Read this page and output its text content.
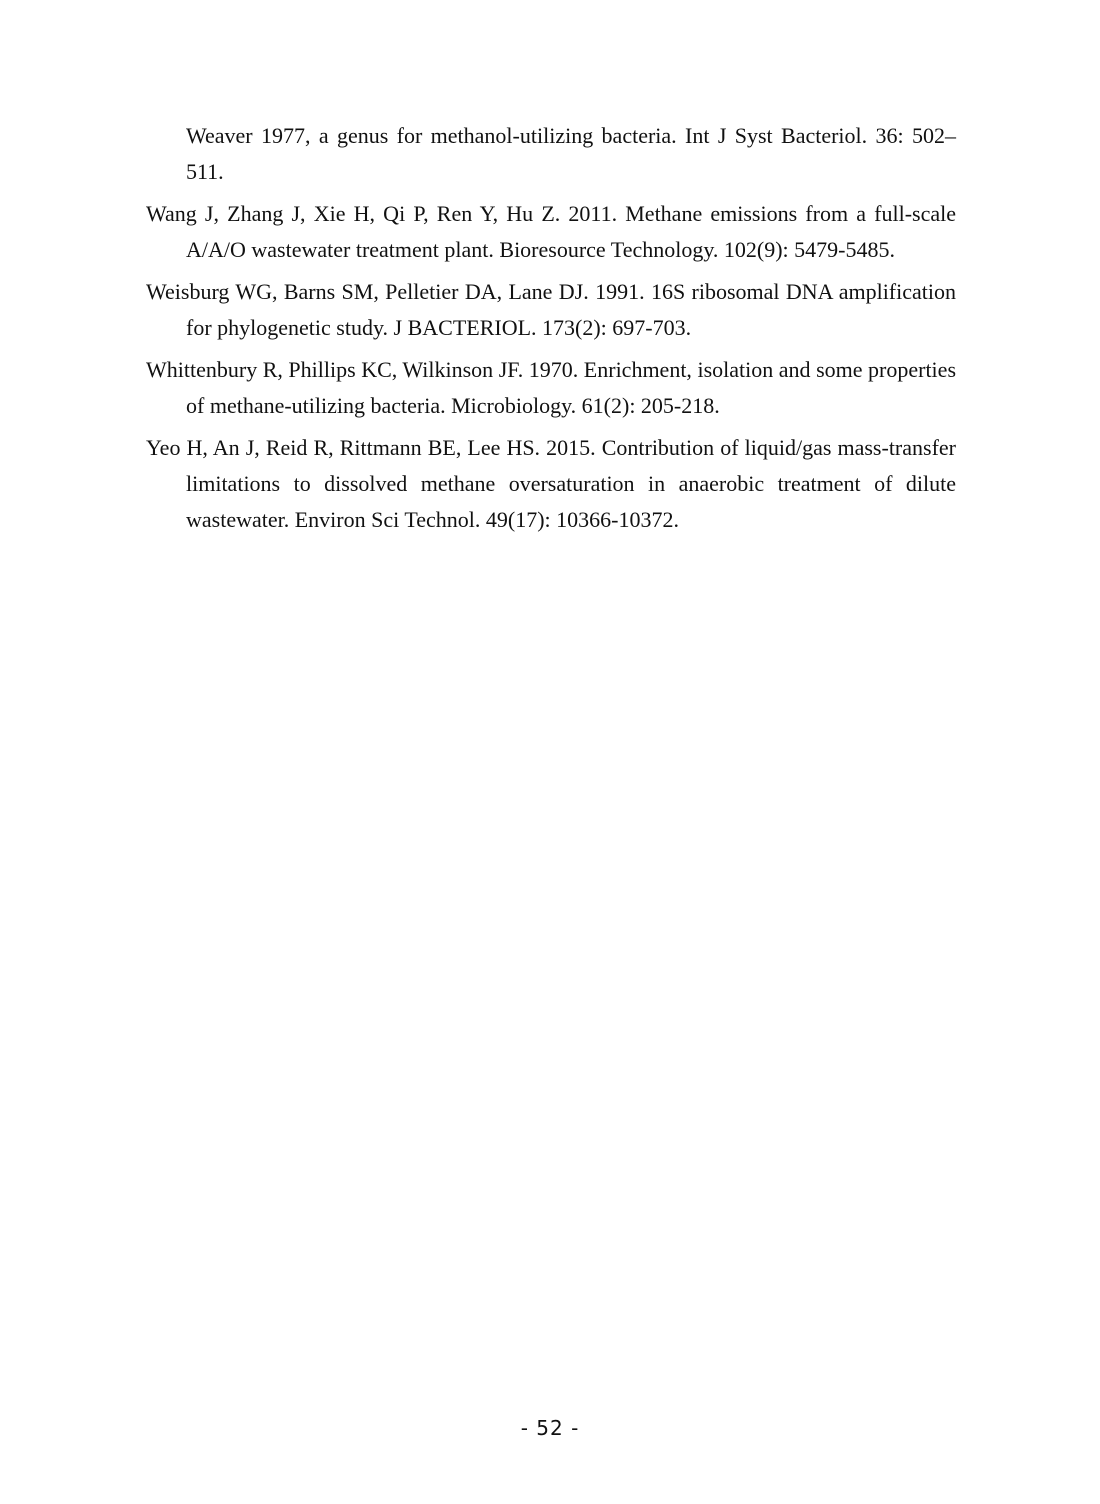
Weaver 1977, a genus for methanol-utilizing bacteria. Int J Syst Bacteriol. 36: 502–511.

Wang J, Zhang J, Xie H, Qi P, Ren Y, Hu Z. 2011. Methane emissions from a full-scale A/A/O wastewater treatment plant. Bioresource Technology. 102(9): 5479-5485.

Weisburg WG, Barns SM, Pelletier DA, Lane DJ. 1991. 16S ribosomal DNA amplification for phylogenetic study. J BACTERIOL. 173(2): 697-703.

Whittenbury R, Phillips KC, Wilkinson JF. 1970. Enrichment, isolation and some properties of methane-utilizing bacteria. Microbiology. 61(2): 205-218.

Yeo H, An J, Reid R, Rittmann BE, Lee HS. 2015. Contribution of liquid/gas mass-transfer limitations to dissolved methane oversaturation in anaerobic treatment of dilute wastewater. Environ Sci Technol. 49(17): 10366-10372.

- 52 -
